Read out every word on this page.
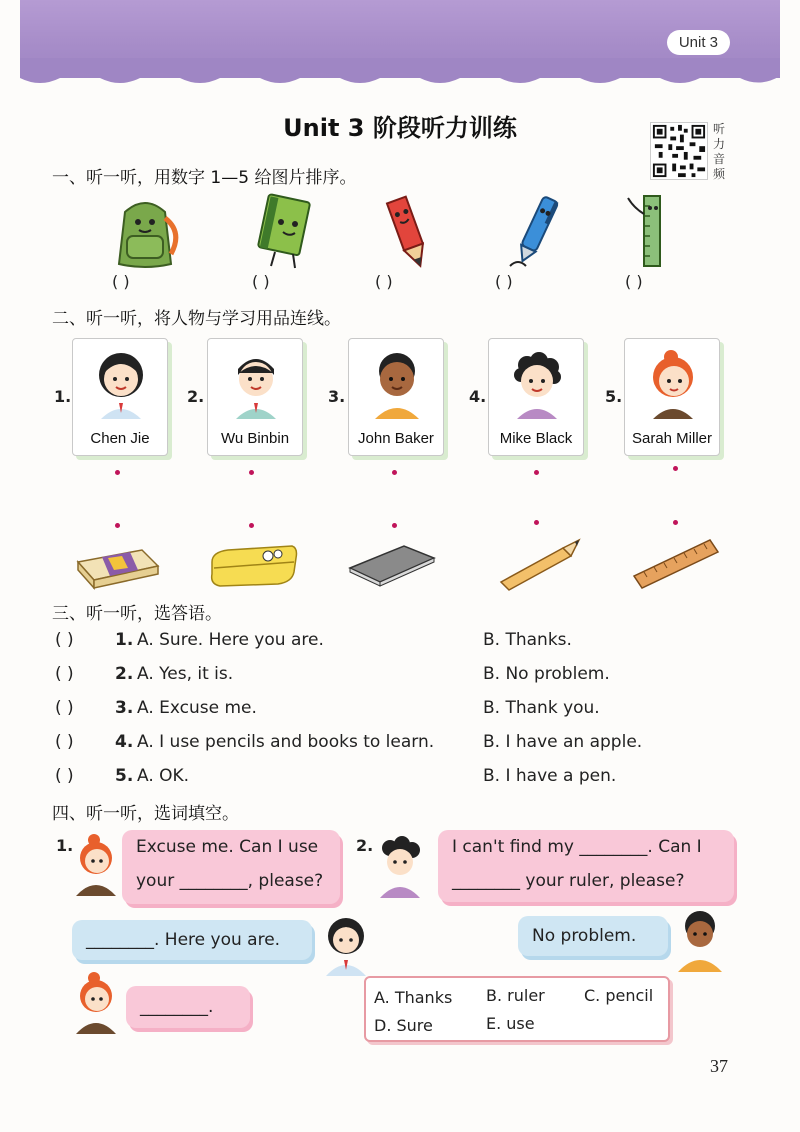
Unit 3
Unit 3 阶段听力训练	听力音频
一、听一听，用数字 1—5 给图片排序。
( )	( )	( )	( )	( )
二、听一听，将人物与学习用品连线。
1.
Chen Jie
2.
Wu Binbin
3.
John Baker
4.
Mike Black
5.
Sarah Miller
三、听一听，选答语。
( ) 1. A. Sure. Here you are.	B. Thanks.
( ) 2. A. Yes, it is.	B. No problem.
( ) 3. A. Excuse me.	B. Thank you.
( ) 4. A. I use pencils and books to learn.	B. I have an apple.
( ) 5. A. OK.	B. I have a pen.
四、听一听，选词填空。
1.	Excuse me. Can I use
your ________, please?
2.	I can't find my ________. Can I
________ your ruler, please?
________. Here you are.	No problem.
________.	A. Thanks B. ruler C. pencil
D. Sure	E. use
37
